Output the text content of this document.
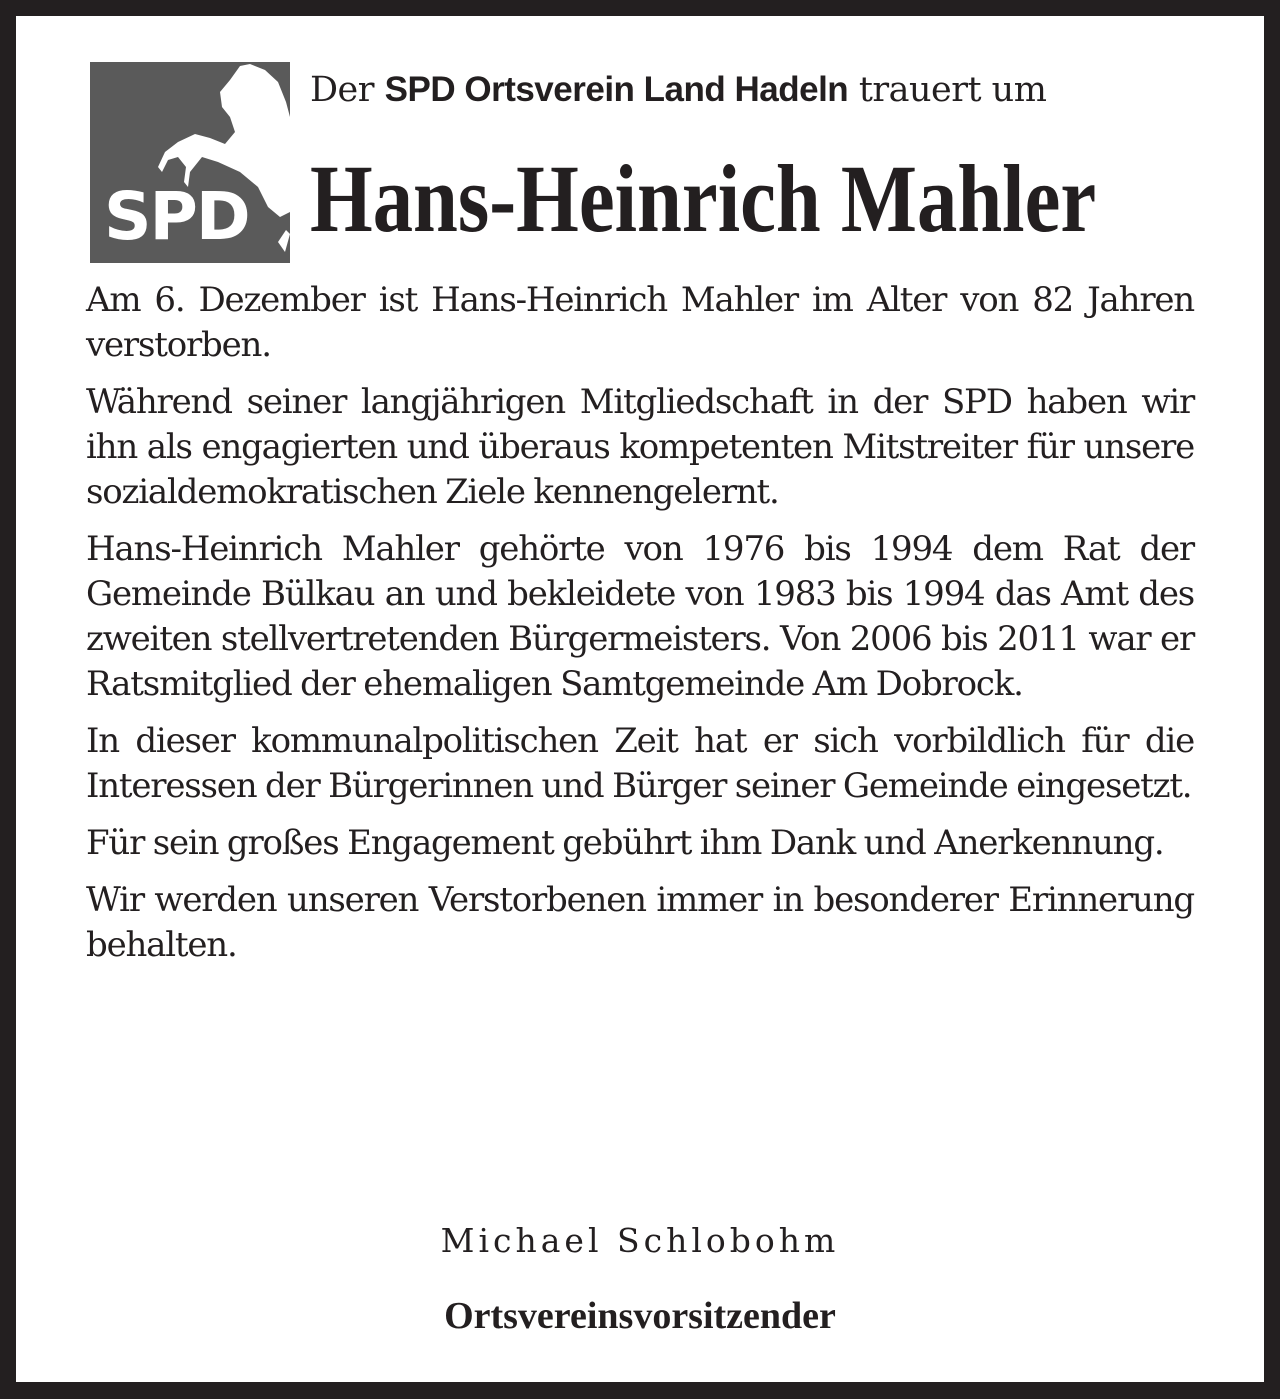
SPD
Der SPD Ortsverein Land Hadeln trauert um
Hans-Heinrich Mahler

Am 6. Dezember ist Hans-Heinrich Mahler im Alter von 82 Jahren verstorben.

Während seiner langjährigen Mitgliedschaft in der SPD haben wir ihn als engagierten und überaus kompetenten Mitstreiter für unsere sozialdemokratischen Ziele kennengelernt.

Hans-Heinrich Mahler gehörte von 1976 bis 1994 dem Rat der Gemeinde Bülkau an und bekleidete von 1983 bis 1994 das Amt des zweiten stellvertretenden Bürgermeisters. Von 2006 bis 2011 war er Ratsmitglied der ehemaligen Samtgemeinde Am Dobrock.

In dieser kommunalpolitischen Zeit hat er sich vorbildlich für die Interessen der Bürgerinnen und Bürger seiner Gemeinde eingesetzt.

Für sein großes Engagement gebührt ihm Dank und Anerkennung.

Wir werden unseren Verstorbenen immer in besonderer Erinnerung behalten.

Michael Schlobohm
Ortsvereinsvorsitzender
